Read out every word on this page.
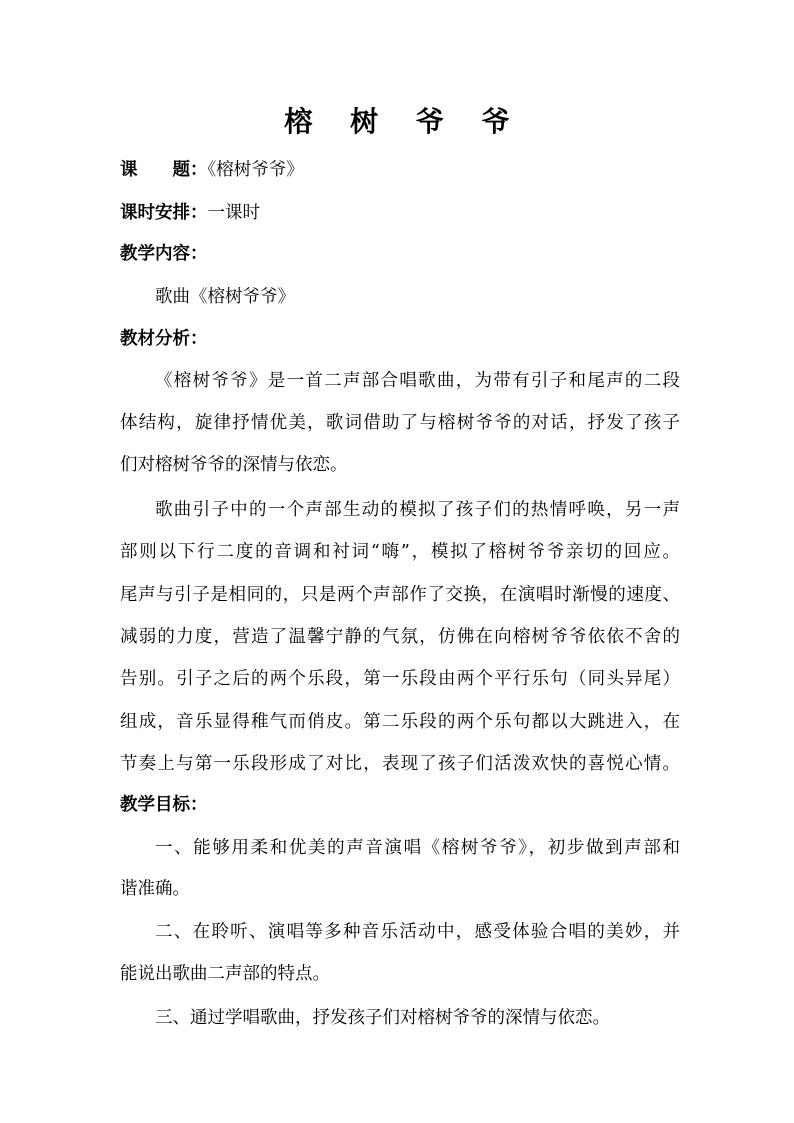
榕 树 爷 爷
课　　题：《榕树爷爷》
课时安排：一课时
教学内容：
歌曲《榕树爷爷》
教材分析：
《榕树爷爷》是一首二声部合唱歌曲，为带有引子和尾声的二段
体结构，旋律抒情优美，歌词借助了与榕树爷爷的对话，抒发了孩子
们对榕树爷爷的深情与依恋。
歌曲引子中的一个声部生动的模拟了孩子们的热情呼唤，另一声
部则以下行二度的音调和衬词“嗨”，模拟了榕树爷爷亲切的回应。
尾声与引子是相同的，只是两个声部作了交换，在演唱时渐慢的速度、
减弱的力度，营造了温馨宁静的气氛，仿佛在向榕树爷爷依依不舍的
告别。引子之后的两个乐段，第一乐段由两个平行乐句（同头异尾）
组成，音乐显得稚气而俏皮。第二乐段的两个乐句都以大跳进入，在
节奏上与第一乐段形成了对比，表现了孩子们活泼欢快的喜悦心情。
教学目标：
一、能够用柔和优美的声音演唱《榕树爷爷》，初步做到声部和
谐准确。
二、在聆听、演唱等多种音乐活动中，感受体验合唱的美妙，并
能说出歌曲二声部的特点。
三、通过学唱歌曲，抒发孩子们对榕树爷爷的深情与依恋。
